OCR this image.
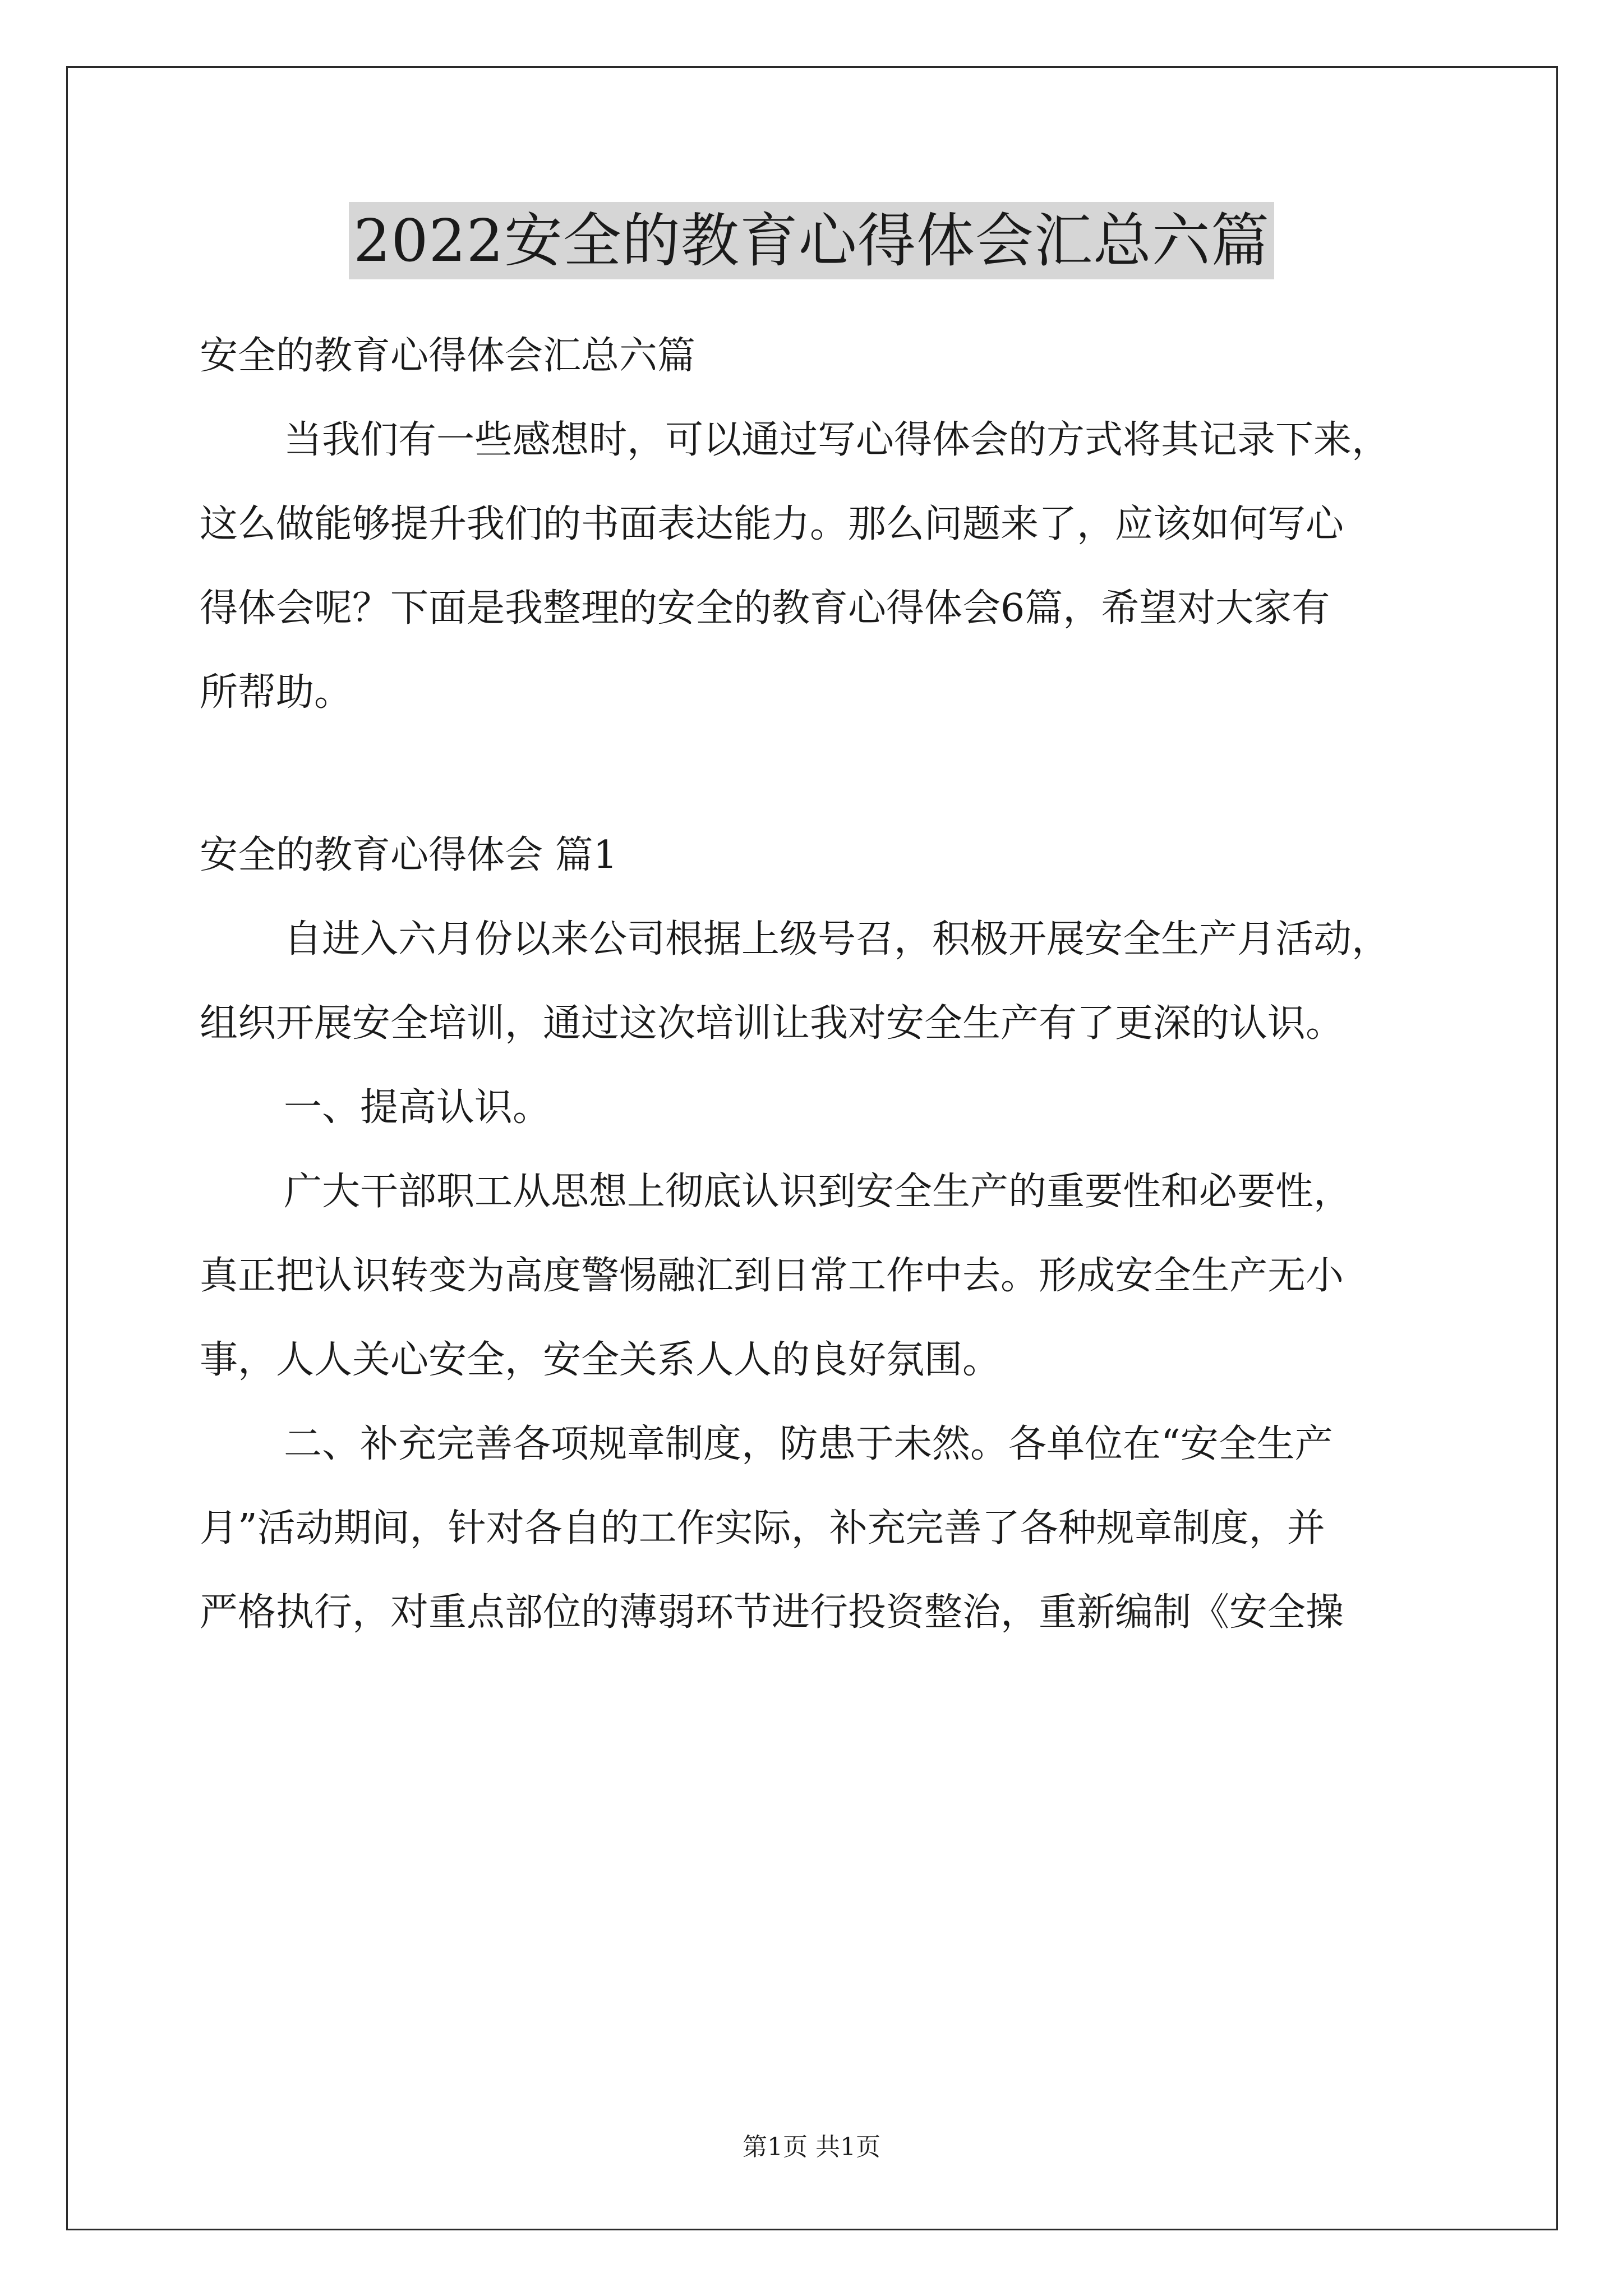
2022安全的教育心得体会汇总六篇

安全的教育心得体会汇总六篇

当我们有一些感想时，可以通过写心得体会的方式将其记录下来，
这么做能够提升我们的书面表达能力。那么问题来了，应该如何写心
得体会呢？下面是我整理的安全的教育心得体会6篇，希望对大家有
所帮助。

安全的教育心得体会 篇1

自进入六月份以来公司根据上级号召，积极开展安全生产月活动，
组织开展安全培训，通过这次培训让我对安全生产有了更深的认识。

一、提高认识。

广大干部职工从思想上彻底认识到安全生产的重要性和必要性，
真正把认识转变为高度警惕融汇到日常工作中去。形成安全生产无小
事，人人关心安全，安全关系人人的良好氛围。

二、补充完善各项规章制度，防患于未然。各单位在“安全生产
月”活动期间，针对各自的工作实际，补充完善了各种规章制度，并
严格执行，对重点部位的薄弱环节进行投资整治，重新编制《安全操

第1页 共1页
